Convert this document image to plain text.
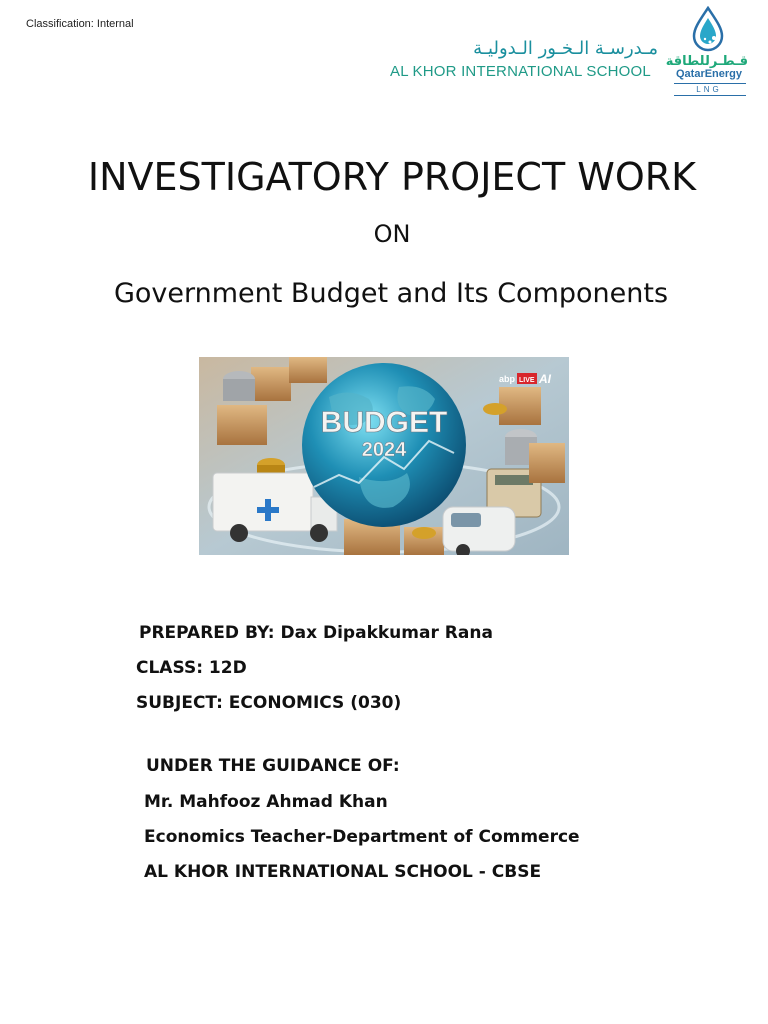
Classification: Internal
مـدرسـة الـخـور الـدوليـة
AL KHOR INTERNATIONAL SCHOOL
قـطـرللطاقة
QatarEnergy
LNG
INVESTIGATORY PROJECT WORK
ON
Government Budget and Its Components
BUDGET
2024
abp LIVE AI
PREPARED BY: Dax Dipakkumar Rana
CLASS: 12D
SUBJECT: ECONOMICS (030)
UNDER THE GUIDANCE OF:
Mr. Mahfooz Ahmad Khan
Economics Teacher-Department of Commerce
AL KHOR INTERNATIONAL SCHOOL - CBSE
